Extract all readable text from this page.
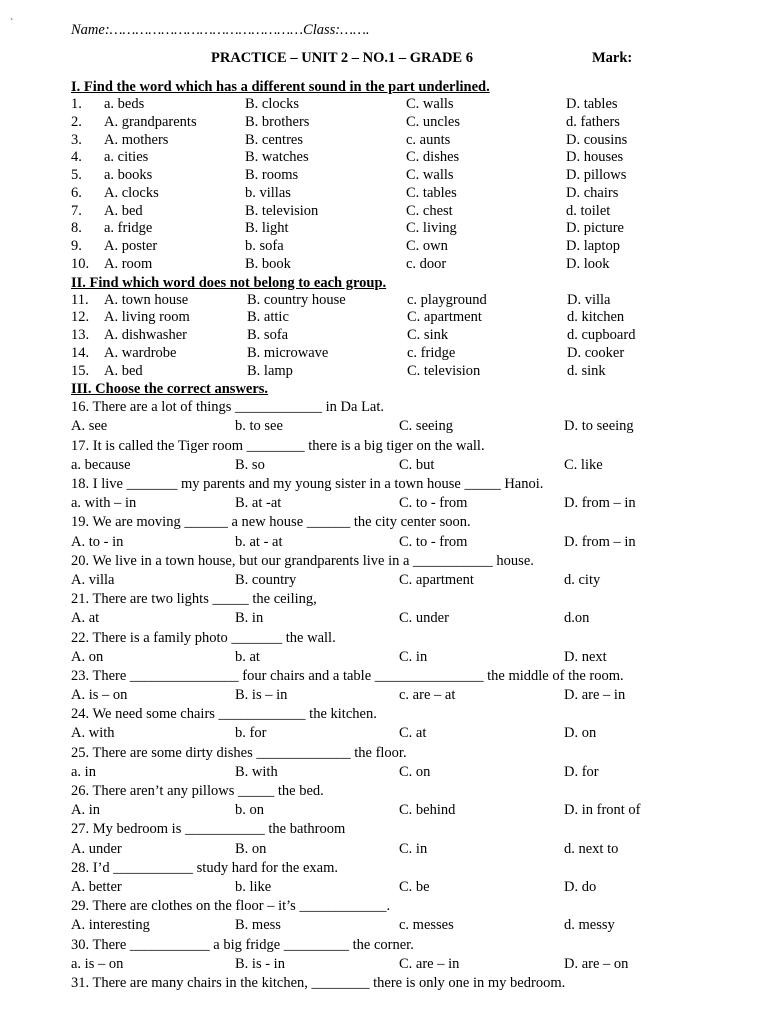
`	Name:………………………………………Class:…….
PRACTICE – UNIT 2 – NO.1 – GRADE 6	Mark:
I. Find the word which has a different sound in the part underlined.
1. a. beds	B. clocks	C. walls	D. tables
2. A. grandparents	B. brothers	C. uncles	d. fathers
3. A. mothers	B. centres	c. aunts	D. cousins
4. a. cities	B. watches	C. dishes	D. houses
5. a. books	B. rooms	C. walls	D. pillows
6. A. clocks	b. villas	C. tables	D. chairs
7. A. bed	B. television	C. chest	d. toilet
8. a. fridge	B. light	C. living	D. picture
9. A. poster	b. sofa	C. own	D. laptop
10. A. room	B. book	c. door	D. look
II. Find which word does not belong to each group.
11. A. town house	B. country house	c. playground	D. villa
12. A. living room	B. attic	C. apartment	d. kitchen
13. A. dishwasher	B. sofa	C. sink	d. cupboard
14. A. wardrobe	B. microwave	c. fridge	D. cooker
15. A. bed	B. lamp	C. television	d. sink
III. Choose the correct answers.
16. There are a lot of things ____________ in Da Lat.
A. see	b. to see	C. seeing	D. to seeing
17. It is called the Tiger room ________ there is a big tiger on the wall.
a. because	B. so	C. but	C. like
18. I live _______ my parents and my young sister in a town house _____ Hanoi.
a. with – in	B. at -at	C. to - from	D. from – in
19. We are moving ______ a new house ______ the city center soon.
A. to - in	b. at - at	C. to - from	D. from – in
20. We live in a town house, but our grandparents live in a ___________ house.
A. villa	B. country	C. apartment	d. city
21. There are two lights _____ the ceiling,
A. at	B. in	C. under	d.on
22. There is a family photo _______ the wall.
A. on	b. at	C. in	D. next
23. There _______________ four chairs and a table _______________ the middle of the room.
A. is – on	B. is – in	c. are – at	D. are – in
24. We need some chairs ____________ the kitchen.
A. with	b. for	C. at	D. on
25. There are some dirty dishes _____________ the floor.
a. in	B. with	C. on	D. for
26. There aren’t any pillows _____ the bed.
A. in	b. on	C. behind	D. in front of
27. My bedroom is ___________ the bathroom
A. under	B. on	C. in	d. next to
28. I’d ___________ study hard for the exam.
A. better	b. like	C. be	D. do
29. There are clothes on the floor – it’s ____________.
A. interesting	B. mess	c. messes	d. messy
30. There ___________ a big fridge _________ the corner.
a. is – on	B. is - in	C. are – in	D. are – on
31. There are many chairs in the kitchen, ________ there is only one in my bedroom.
